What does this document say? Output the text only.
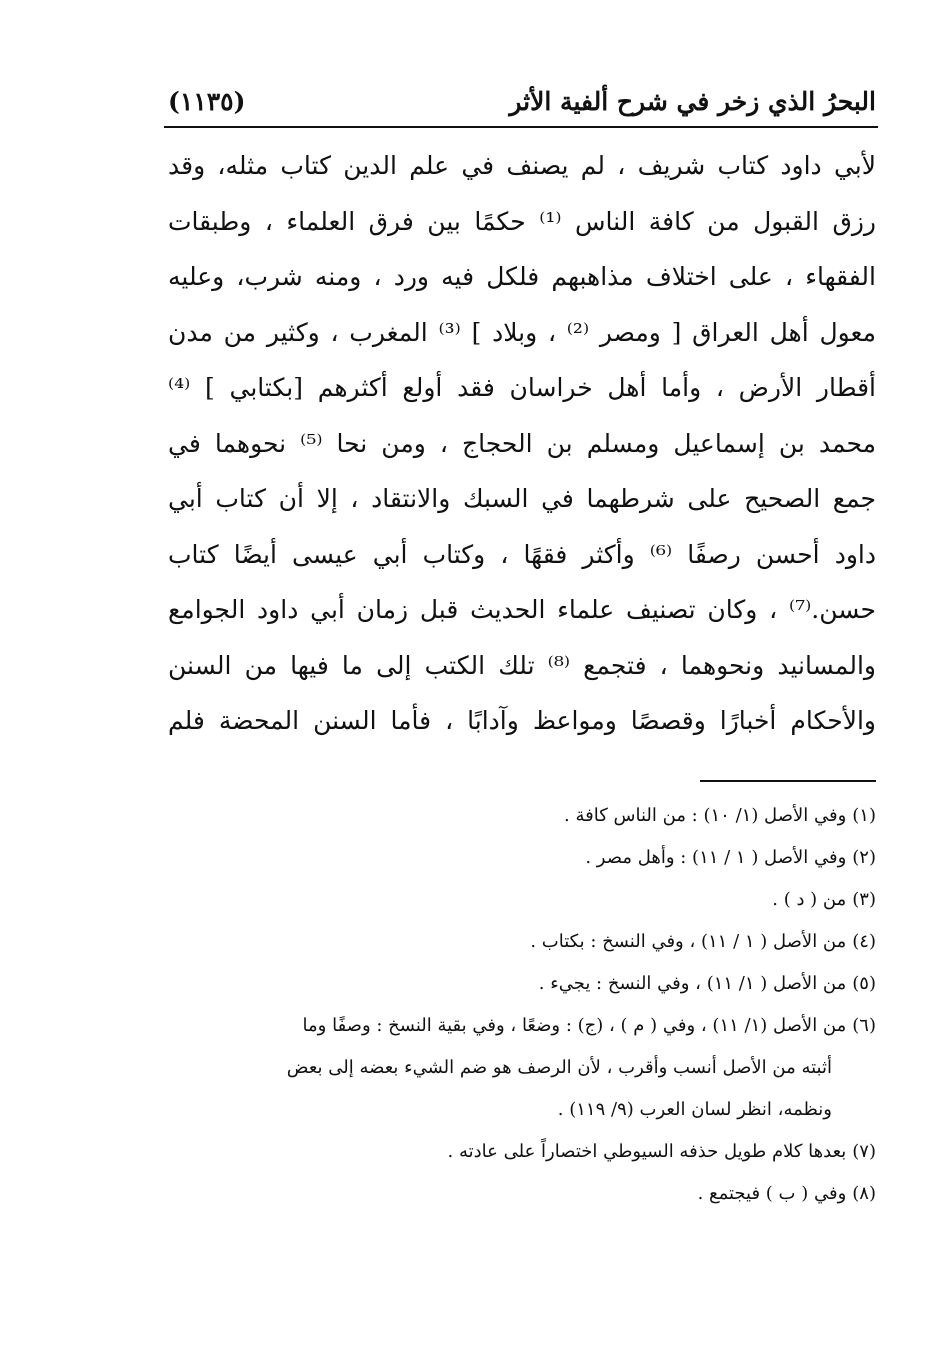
البحرُ الذي زخر في شرح ألفية الأثر
(١١٣٥)
لأبي داود كتاب شريف ، لم يصنف في علم الدين كتاب مثله، وقد
رزق القبول من كافة الناس ⁽¹⁾ حكمًا بين فرق العلماء ، وطبقات
الفقهاء ، على اختلاف مذاهبهم فلكل فيه ورد ، ومنه شرب، وعليه
معول أهل العراق [ ومصر ⁽²⁾ ، وبلاد ] ⁽³⁾ المغرب ، وكثير من مدن
أقطار الأرض ، وأما أهل خراسان فقد أولع أكثرهم [بكتابي ] ⁽⁴⁾
محمد بن إسماعيل ومسلم بن الحجاج ، ومن نحا ⁽⁵⁾ نحوهما في
جمع الصحيح على شرطهما في السبك والانتقاد ، إلا أن كتاب أبي
داود أحسن رصفًا ⁽⁶⁾ وأكثر فقهًا ، وكتاب أبي عيسى أيضًا كتاب
حسن.⁽⁷⁾ ، وكان تصنيف علماء الحديث قبل زمان أبي داود الجوامع
والمسانيد ونحوهما ، فتجمع ⁽⁸⁾ تلك الكتب إلى ما فيها من السنن
والأحكام أخبارًا وقصصًا ومواعظ وآدابًا ، فأما السنن المحضة فلم
(١)وفي الأصل (١/ ١٠) : من الناس كافة .
(٢)وفي الأصل ( ١ / ١١) : وأهل مصر .
(٣)من ( د ) .
(٤)من الأصل ( ١ / ١١) ، وفي النسخ : بكتاب .
(٥)من الأصل ( ١/ ١١) ، وفي النسخ : يجيء .
(٦)من الأصل (١/ ١١) ، وفي ( م ) ، (ج) : وضعًا ، وفي بقية النسخ : وصفًا وما
أثبته من الأصل أنسب وأقرب ، لأن الرصف هو ضم الشيء بعضه إلى بعض
ونظمه، انظر لسان العرب (٩/ ١١٩) .
(٧)بعدها كلام طويل حذفه السيوطي اختصاراً على عادته .
(٨)وفي ( ب ) فيجتمع .
